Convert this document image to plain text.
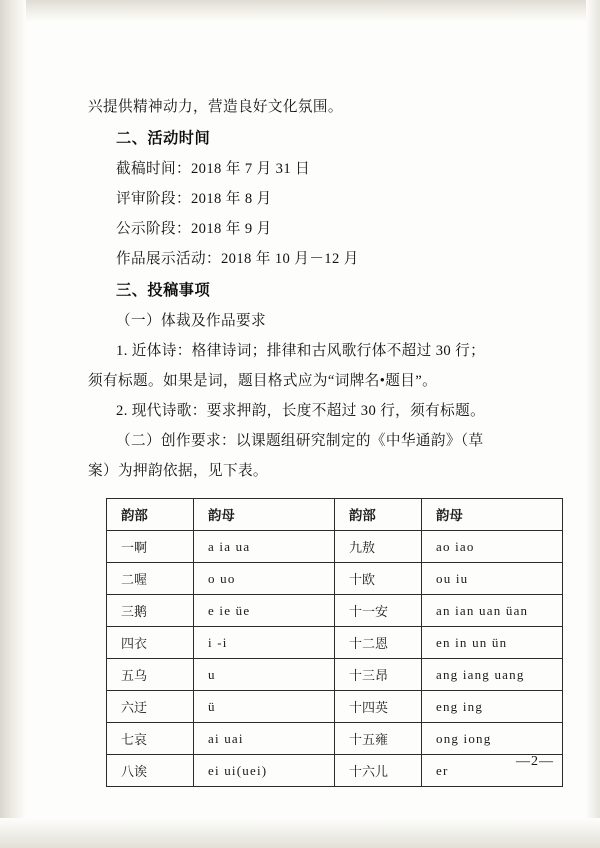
兴提供精神动力，营造良好文化氛围。
二、活动时间
截稿时间：2018 年 7 月 31 日
评审阶段：2018 年 8 月
公示阶段：2018 年 9 月
作品展示活动：2018 年 10 月－12 月
三、投稿事项
（一）体裁及作品要求
1. 近体诗：格律诗词；排律和古风歌行体不超过 30 行；
须有标题。如果是词，题目格式应为“词牌名•题目”。
2. 现代诗歌：要求押韵，长度不超过 30 行，须有标题。
（二）创作要求：以课题组研究制定的《中华通韵》（草
案）为押韵依据，见下表。
韵部	韵母	韵部	韵母
一啊	a ia ua	九敖	ao iao
二喔	o uo	十欧	ou iu
三鹅	e ie üe	十一安	an ian uan üan
四衣	i -i	十二恩	en in un ün
五乌	u	十三昂	ang iang uang
六迂	ü	十四英	eng ing
七哀	ai uai	十五雍	ong iong
八诶	ei ui(uei)	十六儿	er
—2—
